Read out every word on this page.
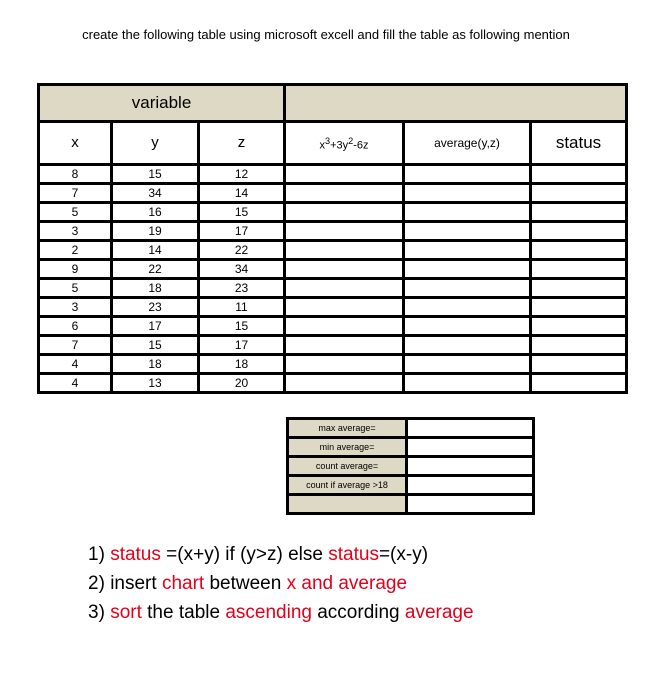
create the following table using microsoft excell and fill the table as following mention
variable					
x	y	z	$x^3+3y^2-6z$	average(y,z)	status
8	15	12			
7	34	14			
5	16	15			
3	19	17			
2	14	22			
9	22	34			
5	18	23			
3	23	11			
6	17	15			
7	15	17			
4	18	18			
4	13	20			
max average=	
min average=	
count average=	
count if average >18	

1) status =(x+y) if (y>z) else status=(x-y)
2) insert chart between x and average
3) sort the table ascending according average
